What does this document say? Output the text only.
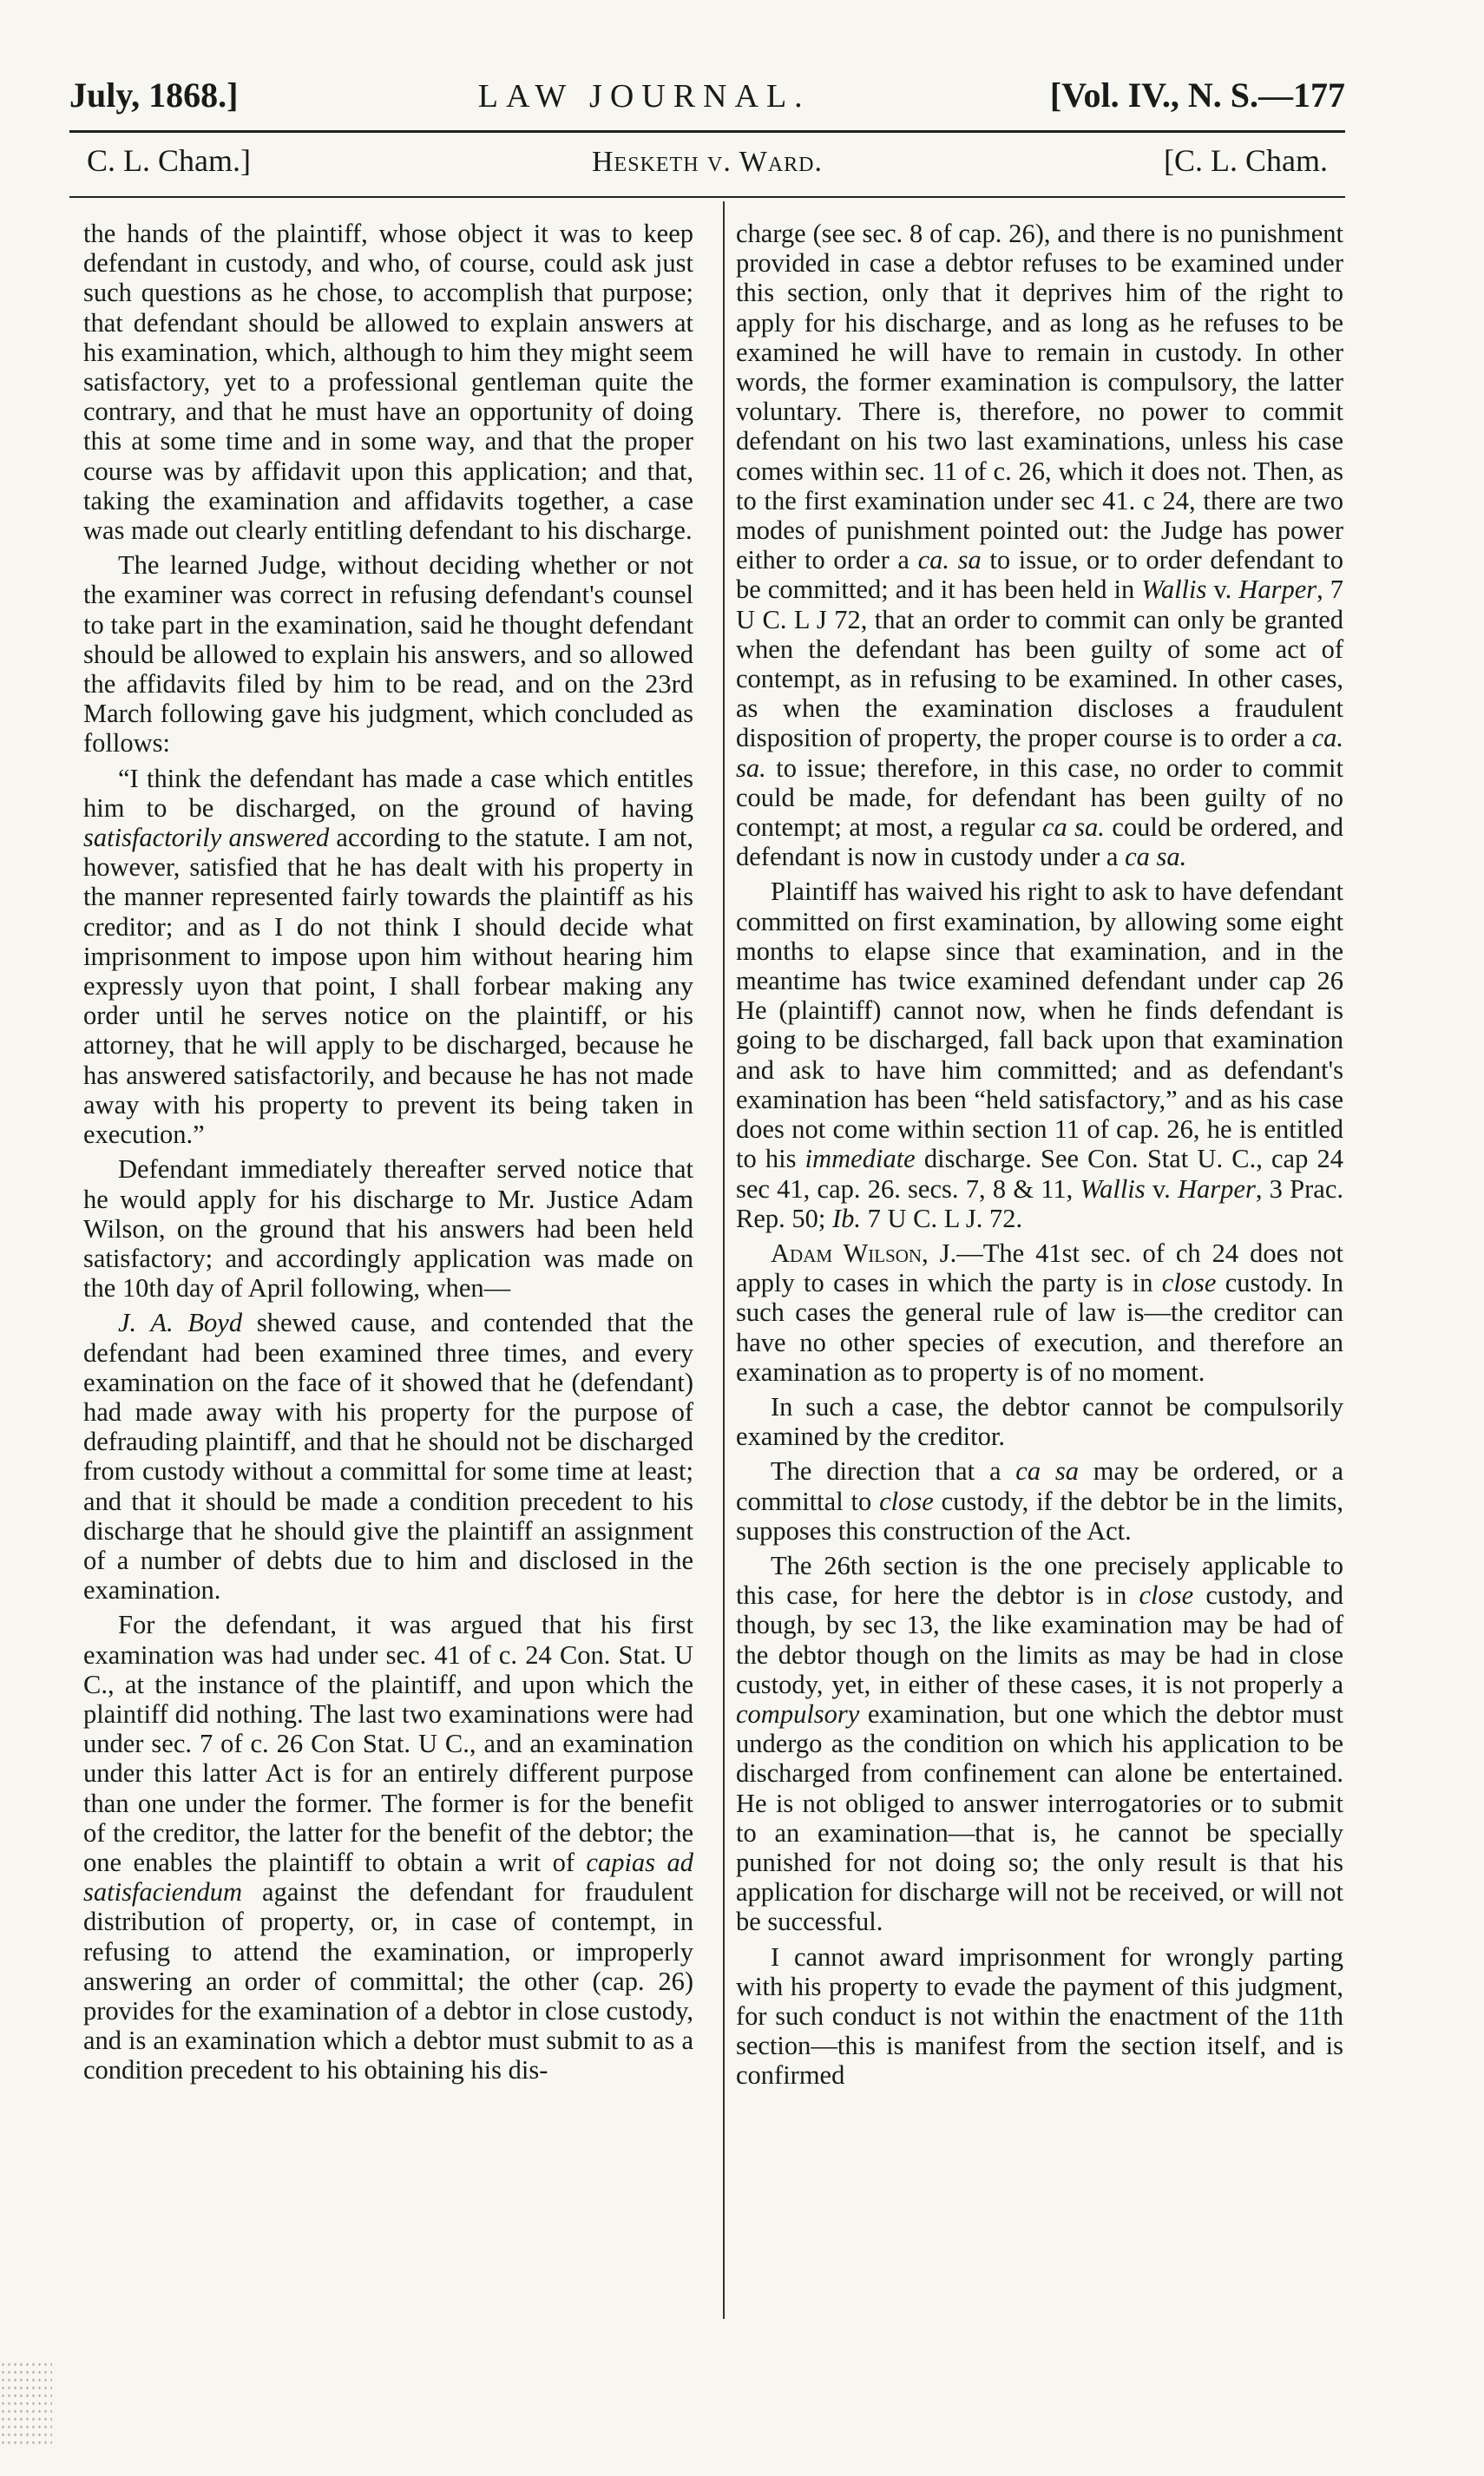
July, 1868.]	LAW JOURNAL.	[Vol. IV., N. S.—177
C. L. Cham.]	Hesketh v. Ward.	[C. L. Cham.

the hands of the plaintiff, whose object it was to keep defendant in custody, and who, of course, could ask just such questions as he chose, to accomplish that purpose; that defendant should be allowed to explain answers at his examination, which, although to him they might seem satisfactory, yet to a professional gentleman quite the contrary, and that he must have an opportunity of doing this at some time and in some way, and that the proper course was by affidavit upon this application; and that, taking the examination and affidavits together, a case was made out clearly entitling defendant to his discharge.

The learned Judge, without deciding whether or not the examiner was correct in refusing defendant's counsel to take part in the examination, said he thought defendant should be allowed to explain his answers, and so allowed the affidavits filed by him to be read, and on the 23rd March following gave his judgment, which concluded as follows:

“I think the defendant has made a case which entitles him to be discharged, on the ground of having satisfactorily answered according to the statute. I am not, however, satisfied that he has dealt with his property in the manner represented fairly towards the plaintiff as his creditor; and as I do not think I should decide what imprisonment to impose upon him without hearing him expressly uyon that point, I shall forbear making any order until he serves notice on the plaintiff, or his attorney, that he will apply to be discharged, because he has answered satisfactorily, and because he has not made away with his property to prevent its being taken in execution.”

Defendant immediately thereafter served notice that he would apply for his discharge to Mr. Justice Adam Wilson, on the ground that his answers had been held satisfactory; and accordingly application was made on the 10th day of April following, when—

J. A. Boyd shewed cause, and contended that the defendant had been examined three times, and every examination on the face of it showed that he (defendant) had made away with his property for the purpose of defrauding plaintiff, and that he should not be discharged from custody without a committal for some time at least; and that it should be made a condition precedent to his discharge that he should give the plaintiff an assignment of a number of debts due to him and disclosed in the examination.

For the defendant, it was argued that his first examination was had under sec. 41 of c. 24 Con. Stat. U C., at the instance of the plaintiff, and upon which the plaintiff did nothing. The last two examinations were had under sec. 7 of c. 26 Con Stat. U C., and an examination under this latter Act is for an entirely different purpose than one under the former. The former is for the benefit of the creditor, the latter for the benefit of the debtor; the one enables the plaintiff to obtain a writ of capias ad satisfaciendum against the defendant for fraudulent distribution of property, or, in case of contempt, in refusing to attend the examination, or improperly answering an order of committal; the other (cap. 26) provides for the examination of a debtor in close custody, and is an examination which a debtor must submit to as a condition precedent to his obtaining his dis-

charge (see sec. 8 of cap. 26), and there is no punishment provided in case a debtor refuses to be examined under this section, only that it deprives him of the right to apply for his discharge, and as long as he refuses to be examined he will have to remain in custody. In other words, the former examination is compulsory, the latter voluntary. There is, therefore, no power to commit defendant on his two last examinations, unless his case comes within sec. 11 of c. 26, which it does not. Then, as to the first examination under sec 41. c 24, there are two modes of punishment pointed out: the Judge has power either to order a ca. sa to issue, or to order defendant to be committed; and it has been held in Wallis v. Harper, 7 U C. L J 72, that an order to commit can only be granted when the defendant has been guilty of some act of contempt, as in refusing to be examined. In other cases, as when the examination discloses a fraudulent disposition of property, the proper course is to order a ca. sa. to issue; therefore, in this case, no order to commit could be made, for defendant has been guilty of no contempt; at most, a regular ca sa. could be ordered, and defendant is now in custody under a ca sa.

Plaintiff has waived his right to ask to have defendant committed on first examination, by allowing some eight months to elapse since that examination, and in the meantime has twice examined defendant under cap 26 He (plaintiff) cannot now, when he finds defendant is going to be discharged, fall back upon that examination and ask to have him committed; and as defendant's examination has been “held satisfactory,” and as his case does not come within section 11 of cap. 26, he is entitled to his immediate discharge. See Con. Stat U. C., cap 24 sec 41, cap. 26. secs. 7, 8 & 11, Wallis v. Harper, 3 Prac. Rep. 50; Ib. 7 U C. L J. 72.

Adam Wilson, J.—The 41st sec. of ch 24 does not apply to cases in which the party is in close custody. In such cases the general rule of law is—the creditor can have no other species of execution, and therefore an examination as to property is of no moment.

In such a case, the debtor cannot be compulsorily examined by the creditor.

The direction that a ca sa may be ordered, or a committal to close custody, if the debtor be in the limits, supposes this construction of the Act.

The 26th section is the one precisely applicable to this case, for here the debtor is in close custody, and though, by sec 13, the like examination may be had of the debtor though on the limits as may be had in close custody, yet, in either of these cases, it is not properly a compulsory examination, but one which the debtor must undergo as the condition on which his application to be discharged from confinement can alone be entertained. He is not obliged to answer interrogatories or to submit to an examination—that is, he cannot be specially punished for not doing so; the only result is that his application for discharge will not be received, or will not be successful.

I cannot award imprisonment for wrongly parting with his property to evade the payment of this judgment, for such conduct is not within the enactment of the 11th section—this is manifest from the section itself, and is confirmed
